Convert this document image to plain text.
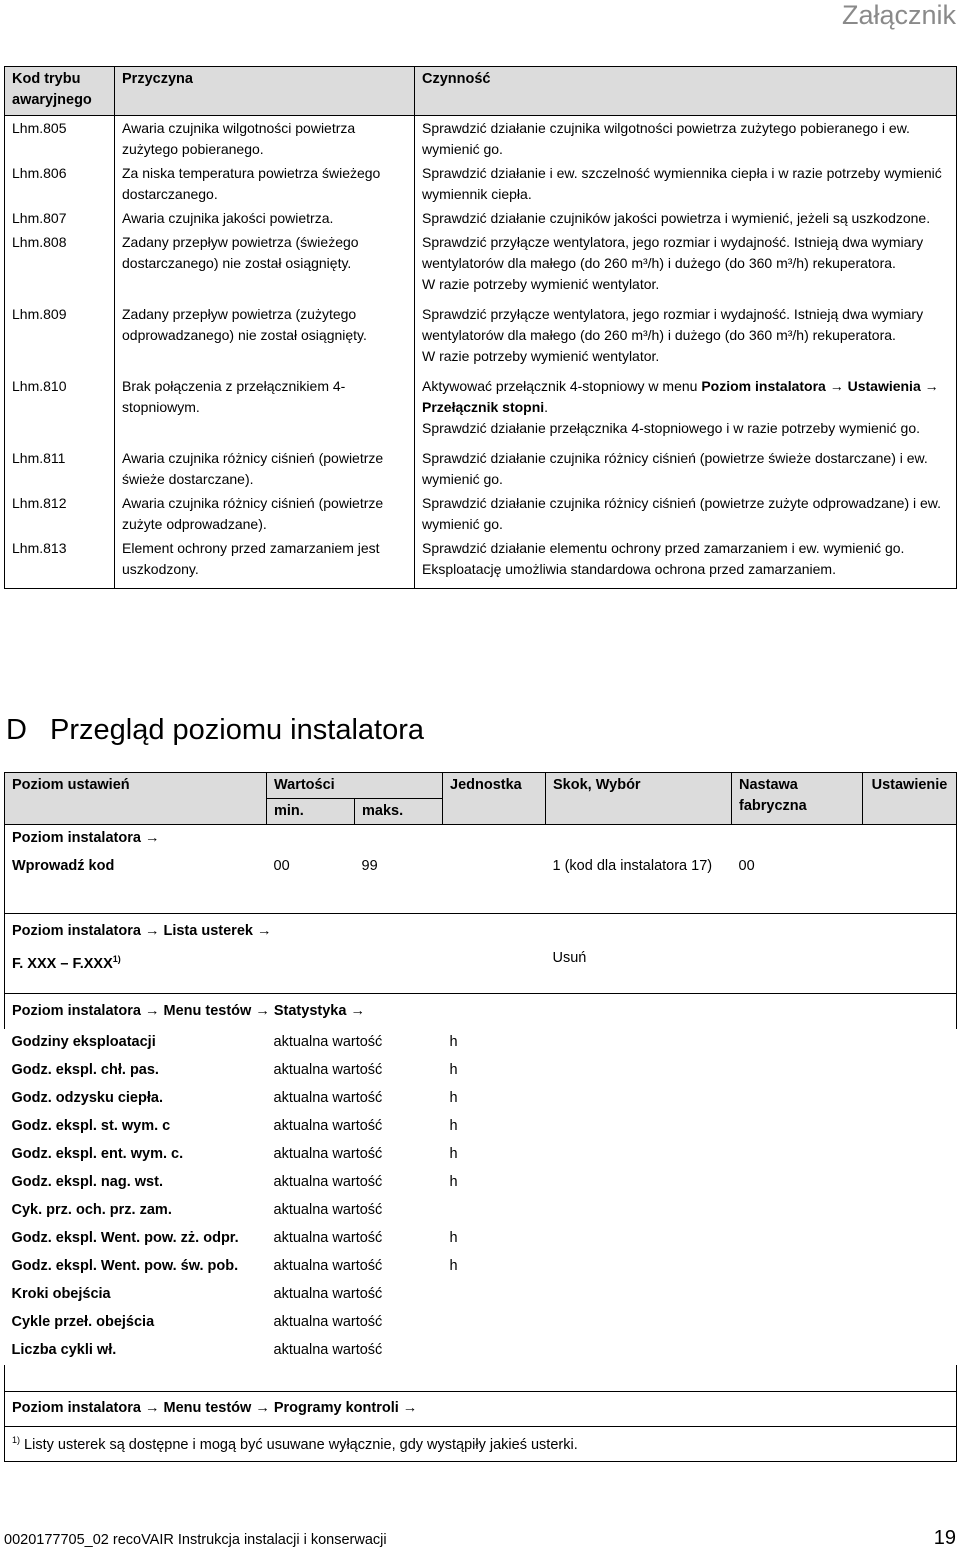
Załącznik
Kod trybu awaryjnego	Przyczyna	Czynność
Lhm.805	Awaria czujnika wilgotności powietrza zużytego pobieranego.	Sprawdzić działanie czujnika wilgotności powietrza zużytego pobieranego i ew. wymienić go.
Lhm.806	Za niska temperatura powietrza świeżego dostarczanego.	Sprawdzić działanie i ew. szczelność wymiennika ciepła i w razie potrzeby wymienić wymiennik ciepła.
Lhm.807	Awaria czujnika jakości powietrza.	Sprawdzić działanie czujników jakości powietrza i wymienić, jeżeli są uszkodzone.
Lhm.808	Zadany przepływ powietrza (świeżego dostarczanego) nie został osiągnięty.	Sprawdzić przyłącze wentylatora, jego rozmiar i wydajność. Istnieją dwa wymiary wentylatorów dla małego (do 260 m³/h) i dużego (do 360 m³/h) rekuperatora.
W razie potrzeby wymienić wentylator.

Lhm.809	Zadany przepływ powietrza (zużytego odprowadzanego) nie został osiągnięty.	Sprawdzić przyłącze wentylatora, jego rozmiar i wydajność. Istnieją dwa wymiary wentylatorów dla małego (do 260 m³/h) i dużego (do 360 m³/h) rekuperatora.
W razie potrzeby wymienić wentylator.

Lhm.810	Brak połączenia z przełącznikiem 4-stopniowym.	Aktywować przełącznik 4-stopniowy w menu Poziom instalatora → Ustawienia → Przełącznik stopni.
Sprawdzić działanie przełącznika 4-stopniowego i w razie potrzeby wymienić go.

Lhm.811	Awaria czujnika różnicy ciśnień (powietrze świeże dostarczane).	Sprawdzić działanie czujnika różnicy ciśnień (powietrze świeże dostarczane) i ew. wymienić go.
Lhm.812	Awaria czujnika różnicy ciśnień (powietrze zużyte odprowadzane).	Sprawdzić działanie czujnika różnicy ciśnień (powietrze zużyte odprowadzane) i ew. wymienić go.
Lhm.813	Element ochrony przed zamarzaniem jest uszkodzony.	Sprawdzić działanie elementu ochrony przed zamarzaniem i ew. wymienić go.
Eksploatację umożliwia standardowa ochrona przed zamarzaniem.
D Przegląd poziomu instalatora
Poziom ustawień	Wartości		Jednostka	Skok, Wybór	Nastawa fabryczna	Ustawienie
	min.	maks.				
Poziom instalatora →						
Wprowadź kod	00	99		1 (kod dla instalatora 17)	00	

Poziom instalatora → Lista usterek →						
F. XXX – F.XXX$^{1)}$				Usuń		

Poziom instalatora → Menu testów → Statystyka →						
Godziny eksploatacji	aktualna wartość		h			
Godz. ekspl. chł. pas.	aktualna wartość		h			
Godz. odzysku ciepła.	aktualna wartość		h			
Godz. ekspl. st. wym. c	aktualna wartość		h			
Godz. ekspl. ent. wym. c.	aktualna wartość		h			
Godz. ekspl. nag. wst.	aktualna wartość		h			
Cyk. prz. och. prz. zam.	aktualna wartość					
Godz. ekspl. Went. pow. zż. odpr.	aktualna wartość		h			
Godz. ekspl. Went. pow. św. pob.	aktualna wartość		h			
Kroki obejścia	aktualna wartość					
Cykle przeł. obejścia	aktualna wartość					
Liczba cykli wł.	aktualna wartość					

Poziom instalatora → Menu testów → Programy kontroli →						
$^{1)}$ Listy usterek są dostępne i mogą być usuwane wyłącznie, gdy wystąpiły jakieś usterki.						
0020177705_02 recoVAIR Instrukcja instalacji i konserwacji	19
